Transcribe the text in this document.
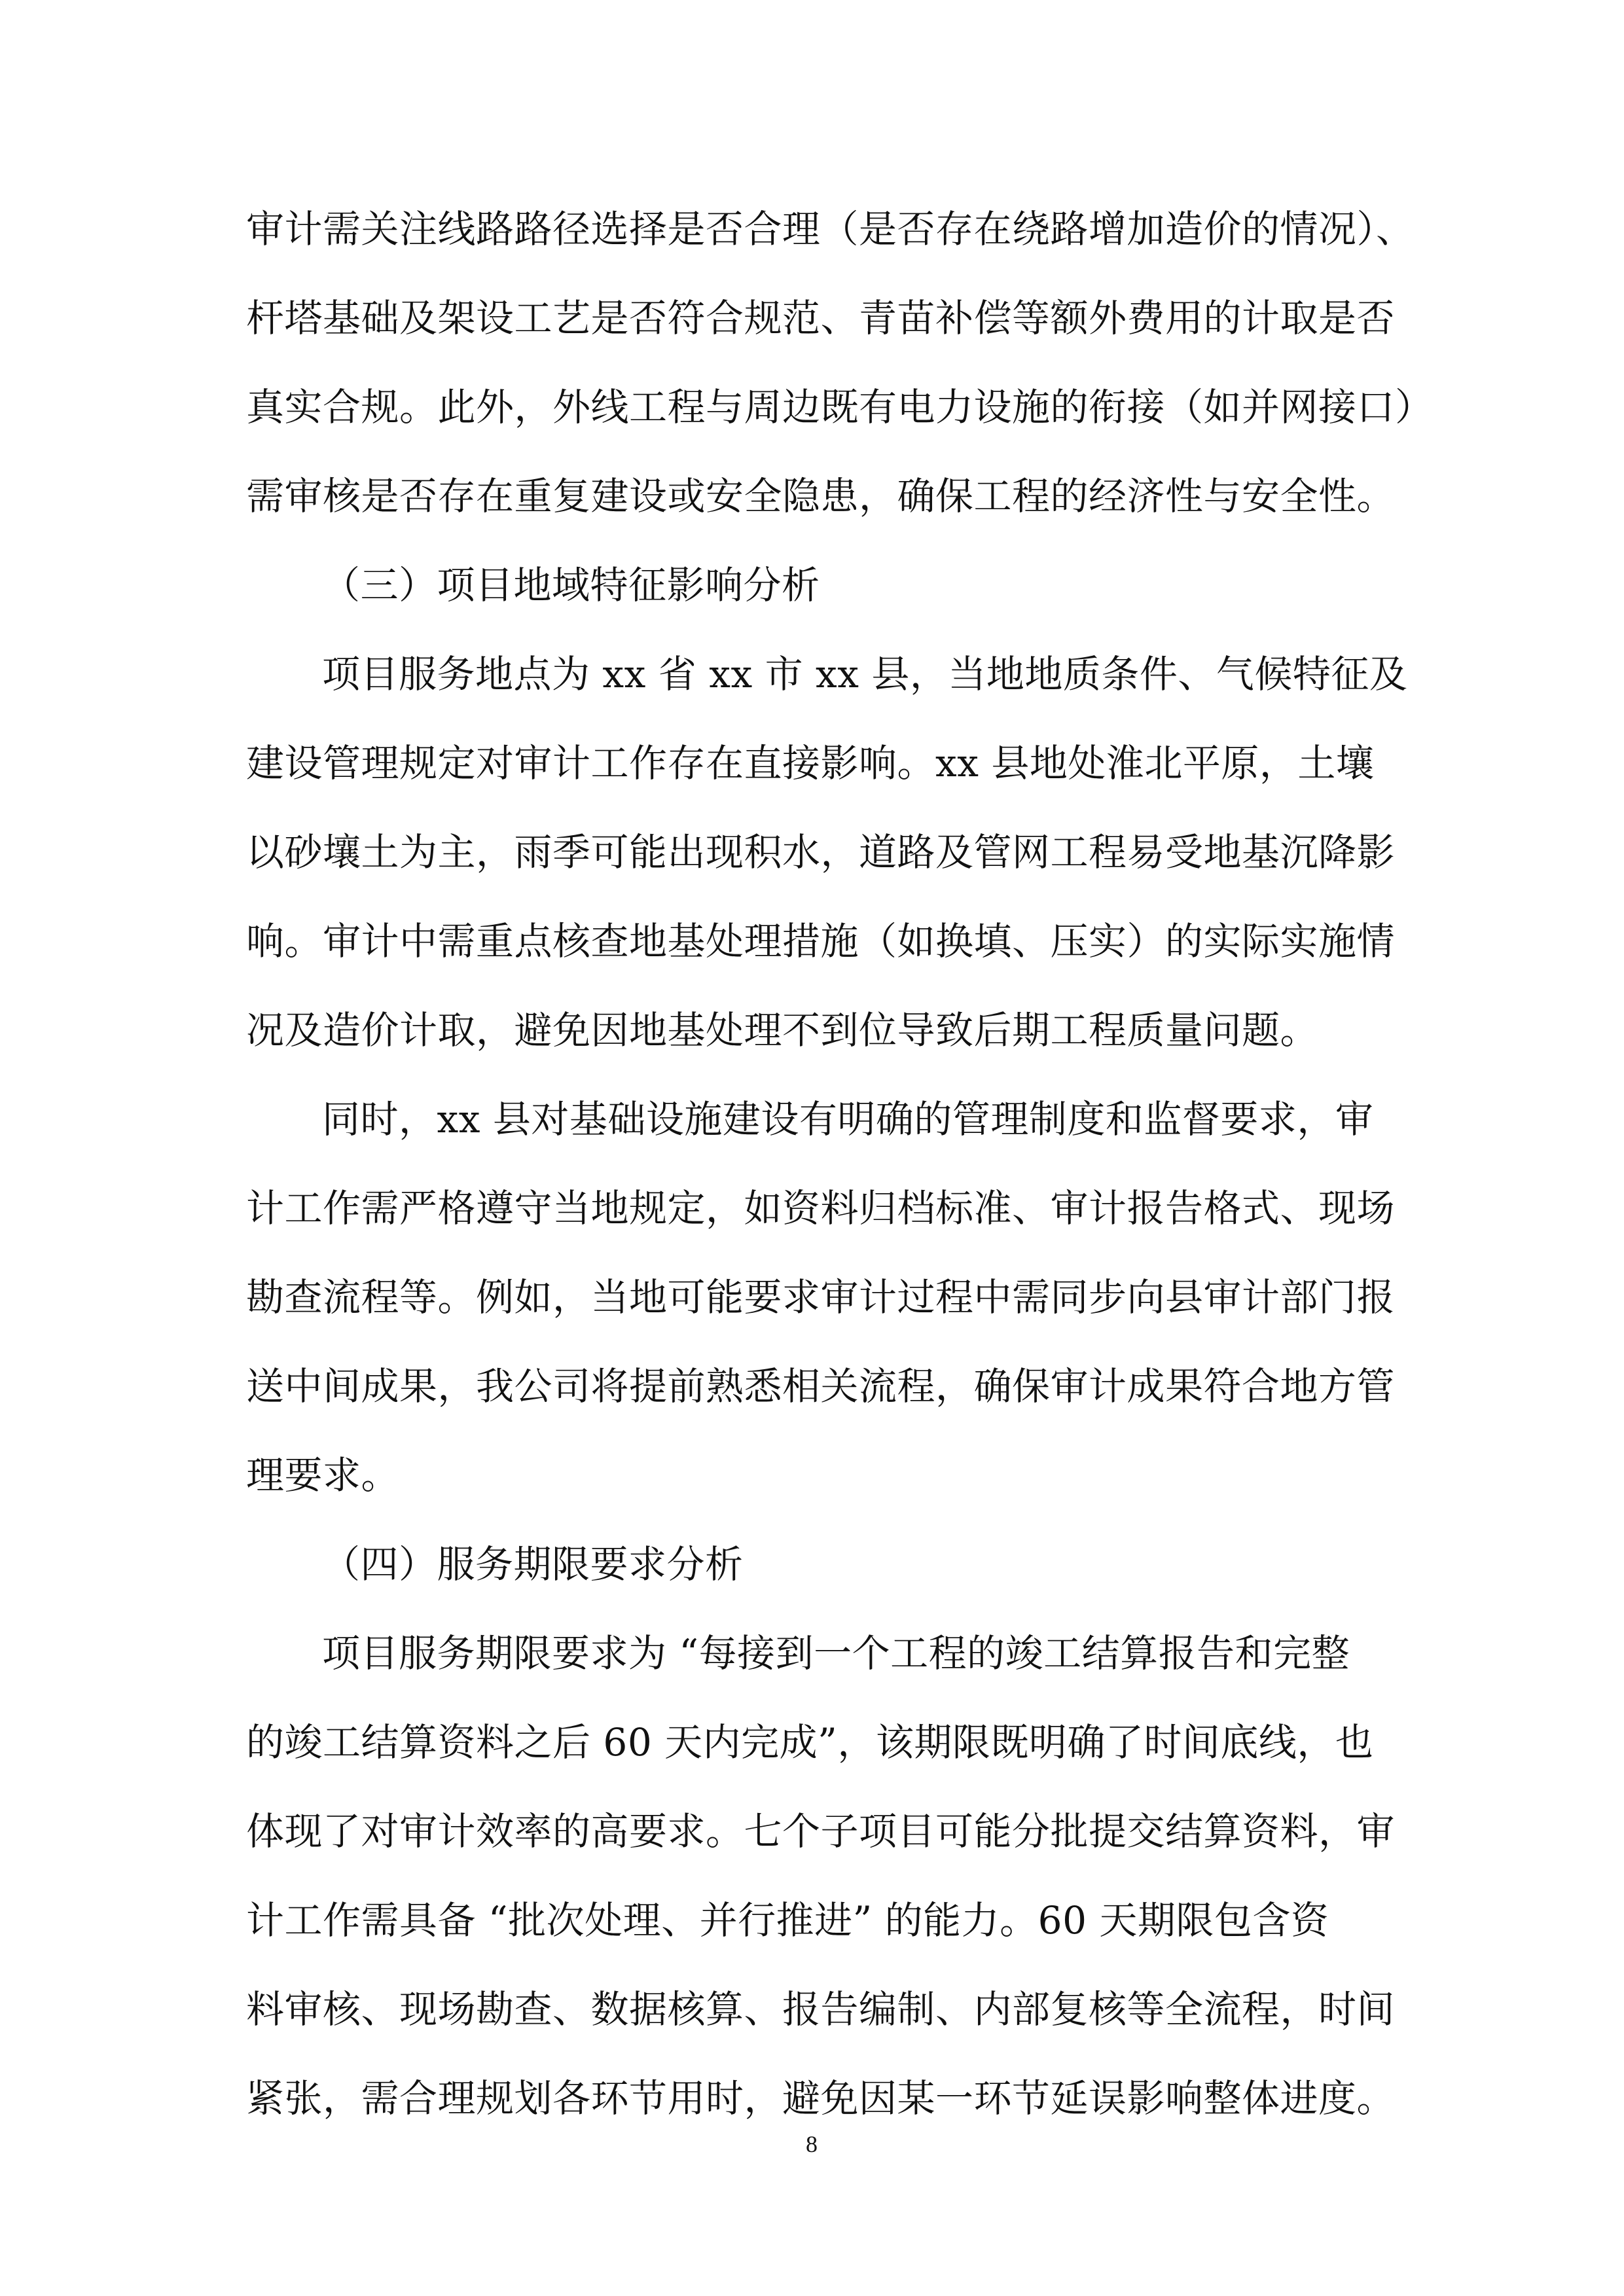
审计需关注线路路径选择是否合理（是否存在绕路增加造价的情况）、
杆塔基础及架设工艺是否符合规范、青苗补偿等额外费用的计取是否
真实合规。此外，外线工程与周边既有电力设施的衔接（如并网接口）
需审核是否存在重复建设或安全隐患，确保工程的经济性与安全性。
（三）项目地域特征影响分析
项目服务地点为 xx 省 xx 市 xx 县，当地地质条件、气候特征及
建设管理规定对审计工作存在直接影响。xx 县地处淮北平原，土壤
以砂壤土为主，雨季可能出现积水，道路及管网工程易受地基沉降影
响。审计中需重点核查地基处理措施（如换填、压实）的实际实施情
况及造价计取，避免因地基处理不到位导致后期工程质量问题。
同时，xx 县对基础设施建设有明确的管理制度和监督要求，审
计工作需严格遵守当地规定，如资料归档标准、审计报告格式、现场
勘查流程等。例如，当地可能要求审计过程中需同步向县审计部门报
送中间成果，我公司将提前熟悉相关流程，确保审计成果符合地方管
理要求。
（四）服务期限要求分析
项目服务期限要求为 “每接到一个工程的竣工结算报告和完整
的竣工结算资料之后 60 天内完成”，该期限既明确了时间底线，也
体现了对审计效率的高要求。七个子项目可能分批提交结算资料，审
计工作需具备 “批次处理、并行推进” 的能力。60 天期限包含资
料审核、现场勘查、数据核算、报告编制、内部复核等全流程，时间
紧张，需合理规划各环节用时，避免因某一环节延误影响整体进度。
8
